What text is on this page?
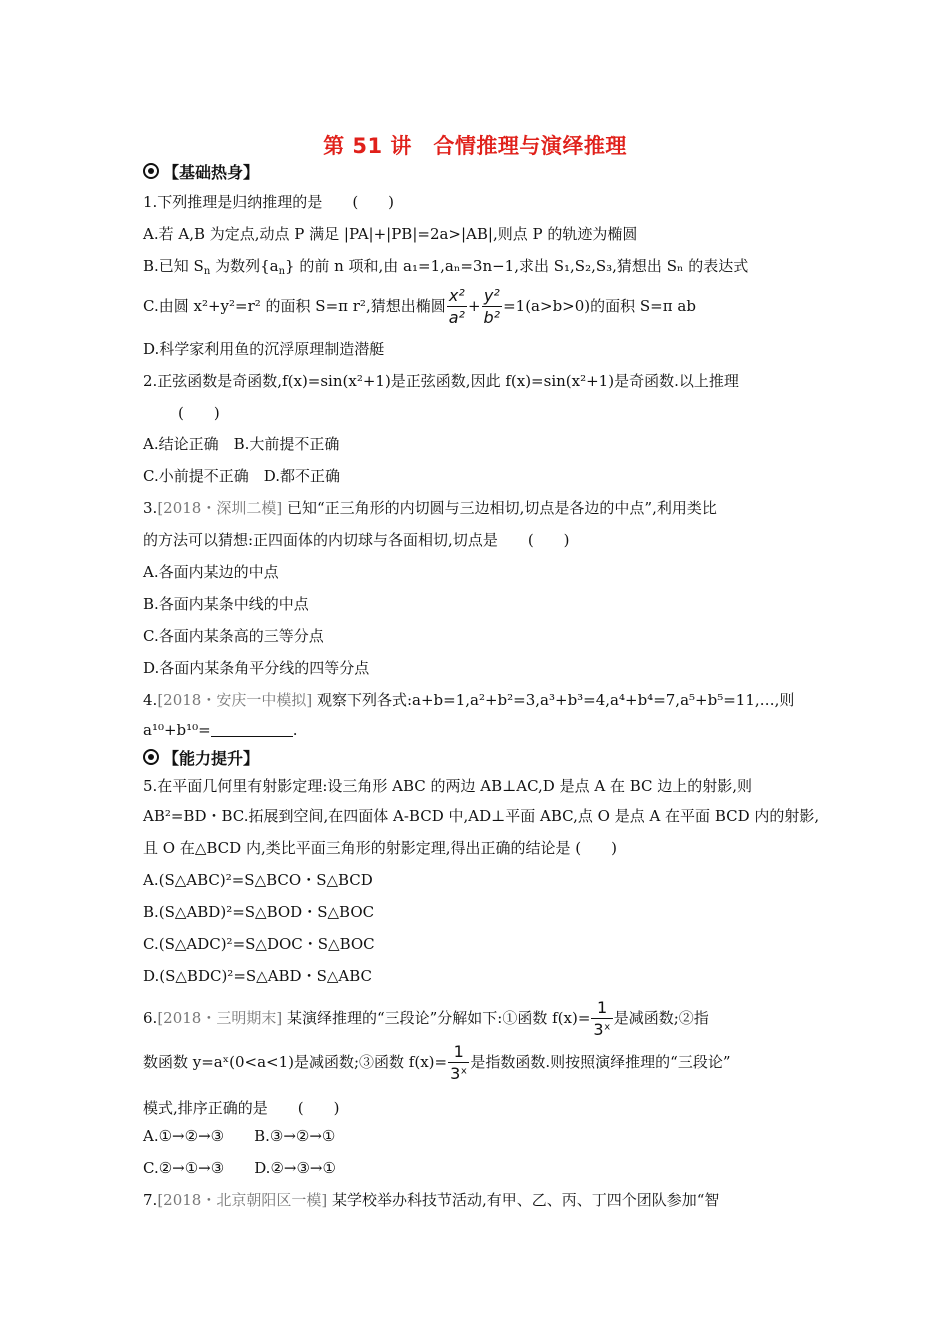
第 51 讲　合情推理与演绎推理
【基础热身】
1.下列推理是归纳推理的是　　(　　)
A.若 A,B 为定点,动点 P 满足 |PA|+|PB|=2a>|AB|,则点 P 的轨迹为椭圆
B.已知 $S_n$ 为数列$\{a_n\}$ 的前 n 项和,由 a₁=1,aₙ=3n−1,求出 S₁,S₂,S₃,猜想出 Sₙ 的表达式
C.由圆 x²+y²=r² 的面积 S=π r²,猜想出椭圆 $\frac{\text{x²}}{\text{a²}} + \frac{\text{y²}}{\text{b²}} =1(a>b>0)$的面积 S=π ab
D.科学家利用鱼的沉浮原理制造潜艇
2.正弦函数是奇函数,f(x)=sin(x²+1)是正弦函数,因此 f(x)=sin(x²+1)是奇函数.以上推理
(　　)
A.结论正确　B.大前提不正确
C.小前提不正确　D.都不正确
3.[2018・深圳二模] 已知“正三角形的内切圆与三边相切,切点是各边的中点”,利用类比
的方法可以猜想:正四面体的内切球与各面相切,切点是　　(　　)
A.各面内某边的中点
B.各面内某条中线的中点
C.各面内某条高的三等分点
D.各面内某条角平分线的四等分点
4.[2018・安庆一中模拟] 观察下列各式:a+b=1,a²+b²=3,a³+b³=4,a⁴+b⁴=7,a⁵+b⁵=11,…,则
a¹⁰+b¹⁰=	.
【能力提升】
5.在平面几何里有射影定理:设三角形 ABC 的两边 AB⊥AC,D 是点 A 在 BC 边上的射影,则
AB²=BD・BC.拓展到空间,在四面体 A-BCD 中,AD⊥平面 ABC,点 O 是点 A 在平面 BCD 内的射影,
且 O 在△BCD 内,类比平面三角形的射影定理,得出正确的结论是 (　　)
A.(S△ABC)²=S△BCO・S△BCD
B.(S△ABD)²=S△BOD・S△BOC
C.(S△ADC)²=S△DOC・S△BOC
D.(S△BDC)²=S△ABD・S△ABC
6.[2018・三明期末] 某演绎推理的“三段论”分解如下:①函数 $f(x)= \frac{1}{\text{3ˣ}}$ 是减函数;②指
数函数 y=aˣ(0<a<1)是减函数;③函数 $f(x)= \frac{1}{\text{3ˣ}}$ 是指数函数.则按照演绎推理的“三段论”
模式,排序正确的是　　(　　)
A.①→②→③　　B.③→②→①
C.②→①→③　　D.②→③→①
7.[2018・北京朝阳区一模] 某学校举办科技节活动,有甲、乙、丙、丁四个团队参加“智
